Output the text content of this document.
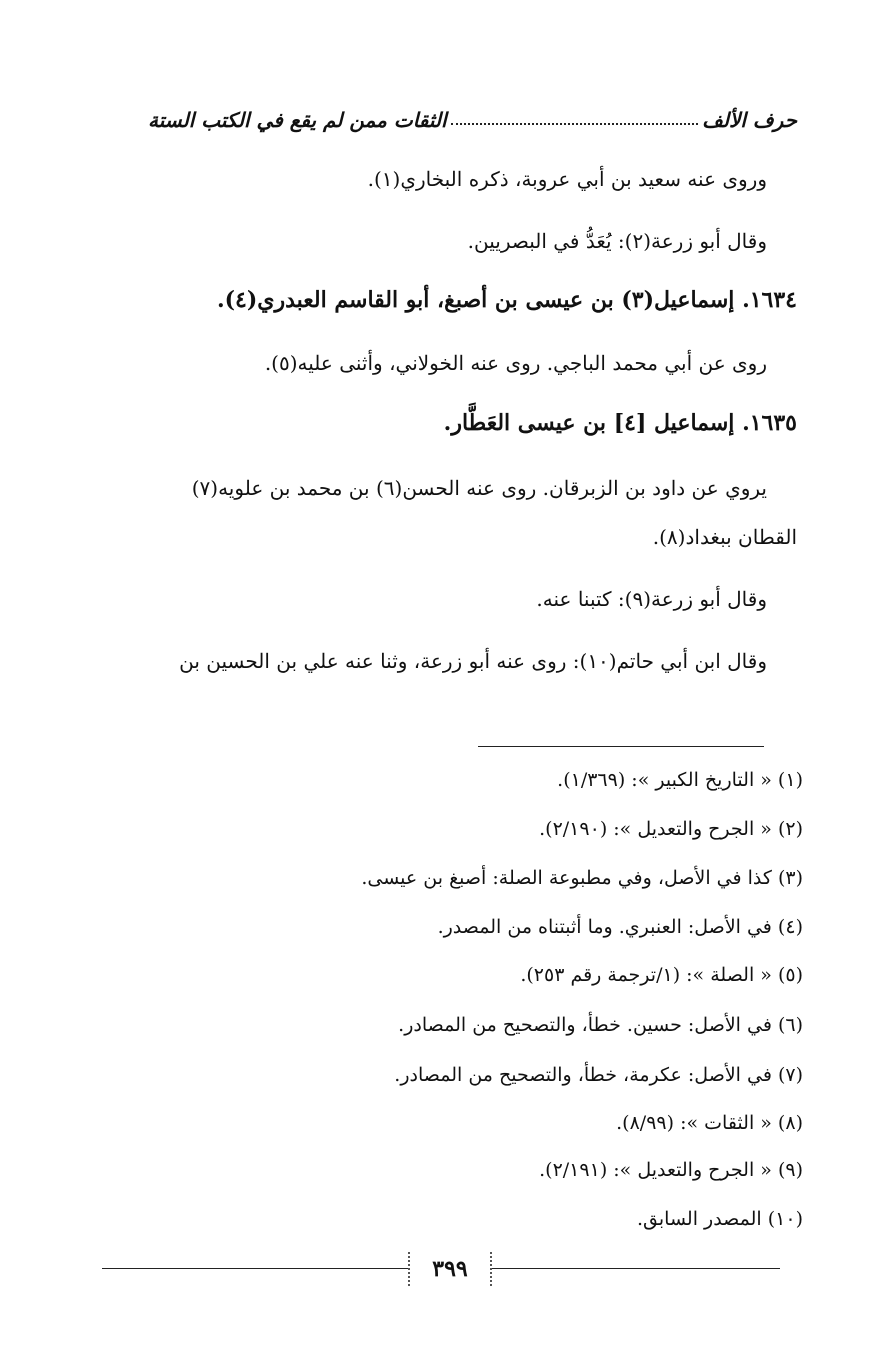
حرف الألف
الثقات ممن لم يقع في الكتب الستة
وروى عنه سعيد بن أبي عروبة، ذكره البخاري(١).
وقال أبو زرعة(٢): يُعَدُّ في البصريين.
١٦٣٤. إسماعيل(٣) بن عيسى بن أصبغ، أبو القاسم العبدري(٤).
روى عن أبي محمد الباجي. روى عنه الخولاني، وأثنى عليه(٥).
١٦٣٥. إسماعيل [٤] بن عيسى العَطَّار.
يروي عن داود بن الزبرقان. روى عنه الحسن(٦) بن محمد بن علويه(٧)
القطان ببغداد(٨).
وقال أبو زرعة(٩): كتبنا عنه.
وقال ابن أبي حاتم(١٠): روى عنه أبو زرعة، وثنا عنه علي بن الحسين بن
(١) « التاريخ الكبير »: (١/٣٦٩).
(٢) « الجرح والتعديل »: (٢/١٩٠).
(٣) كذا في الأصل، وفي مطبوعة الصلة: أصبغ بن عيسى.
(٤) في الأصل: العنبري. وما أثبتناه من المصدر.
(٥) « الصلة »: (١/ترجمة رقم ٢٥٣).
(٦) في الأصل: حسين. خطأ، والتصحيح من المصادر.
(٧) في الأصل: عكرمة، خطأ، والتصحيح من المصادر.
(٨) « الثقات »: (٨/٩٩).
(٩) « الجرح والتعديل »: (٢/١٩١).
(١٠) المصدر السابق.
٣٩٩
